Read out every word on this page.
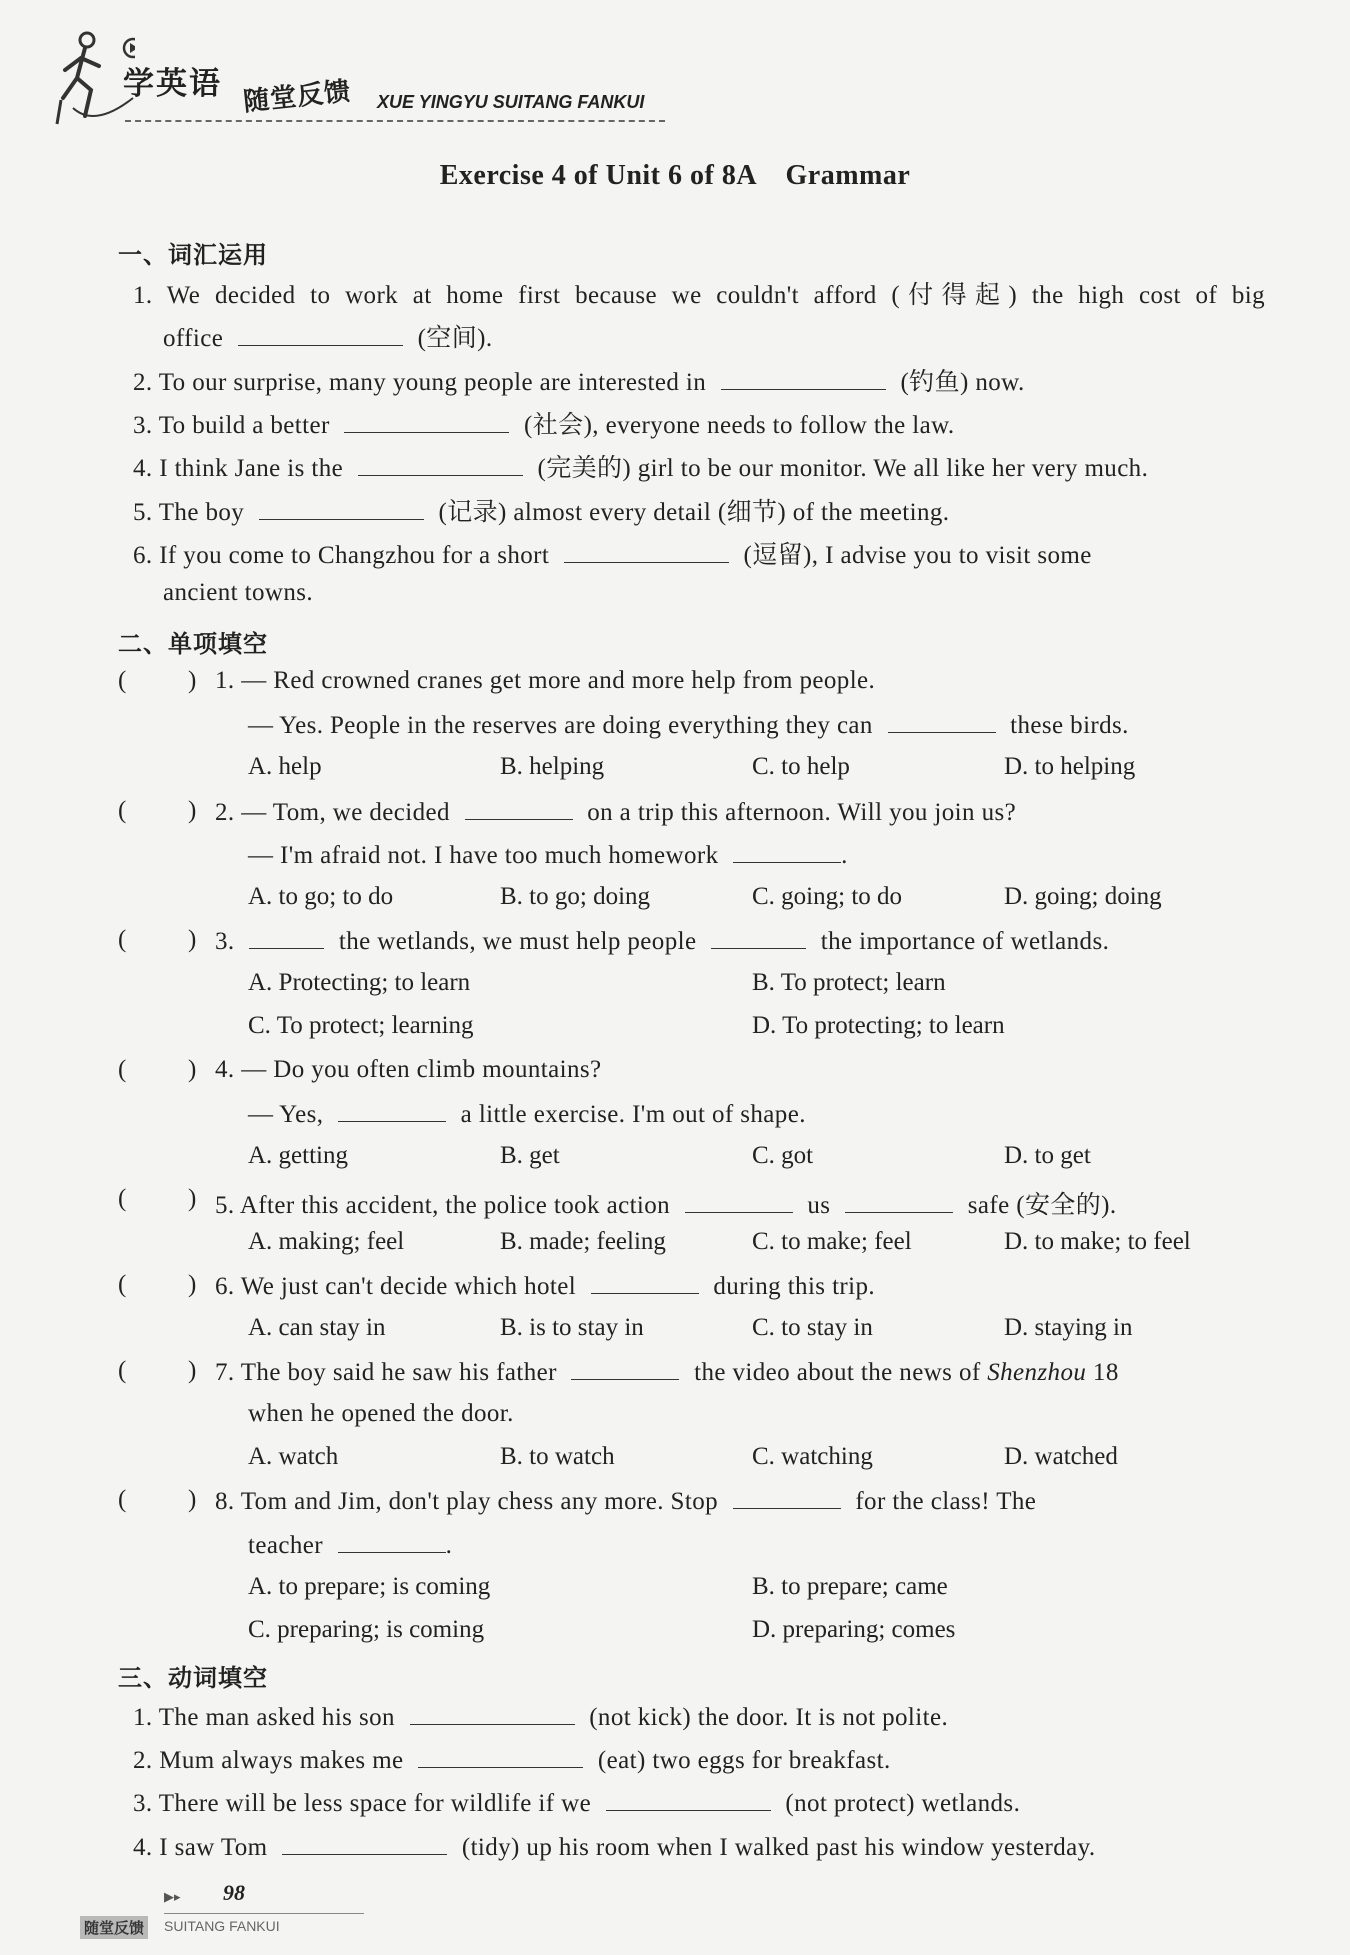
学英语 随堂反馈 XUE YINGYU SUITANG FANKUI
Exercise 4 of Unit 6 of 8A    Grammar
一、词汇运用
1. We decided to work at home first because we couldn't afford (付得起) the high cost of big
office	(空间).
2. To our surprise, many young people are interested in	(钓鱼) now.
3. To build a better	(社会), everyone needs to follow the law.
4. I think Jane is the	(完美的) girl to be our monitor. We all like her very much.
5. The boy	(记录) almost every detail (细节) of the meeting.
6. If you come to Changzhou for a short	(逗留), I advise you to visit some
ancient towns.
二、单项填空
( ) 1. — Red crowned cranes get more and more help from people.
— Yes. People in the reserves are doing everything they can	these birds.
A. help	B. helping	C. to help	D. to helping
( ) 2. — Tom, we decided	on a trip this afternoon. Will you join us?
— I'm afraid not. I have too much homework	.
A. to go; to do	B. to go; doing	C. going; to do	D. going; doing
( ) 3.	the wetlands, we must help people	the importance of wetlands.
A. Protecting; to learn	B. To protect; learn
C. To protect; learning	D. To protecting; to learn
( ) 4. — Do you often climb mountains?
— Yes,	a little exercise. I'm out of shape.
A. getting	B. get	C. got	D. to get
( ) 5. After this accident, the police took action	us	safe (安全的).
A. making; feel	B. made; feeling	C. to make; feel	D. to make; to feel
( ) 6. We just can't decide which hotel	during this trip.
A. can stay in	B. is to stay in	C. to stay in	D. staying in
( ) 7. The boy said he saw his father	the video about the news of Shenzhou 18
when he opened the door.
A. watch	B. to watch	C. watching	D. watched
( ) 8. Tom and Jim, don't play chess any more. Stop	for the class! The
teacher	.
A. to prepare; is coming	B. to prepare; came
C. preparing; is coming	D. preparing; comes
三、动词填空
1. The man asked his son	(not kick) the door. It is not polite.
2. Mum always makes me	(eat) two eggs for breakfast.
3. There will be less space for wildlife if we	(not protect) wetlands.
4. I saw Tom	(tidy) up his room when I walked past his window yesterday.
▶▸ 98
随堂反馈 SUITANG FANKUI
